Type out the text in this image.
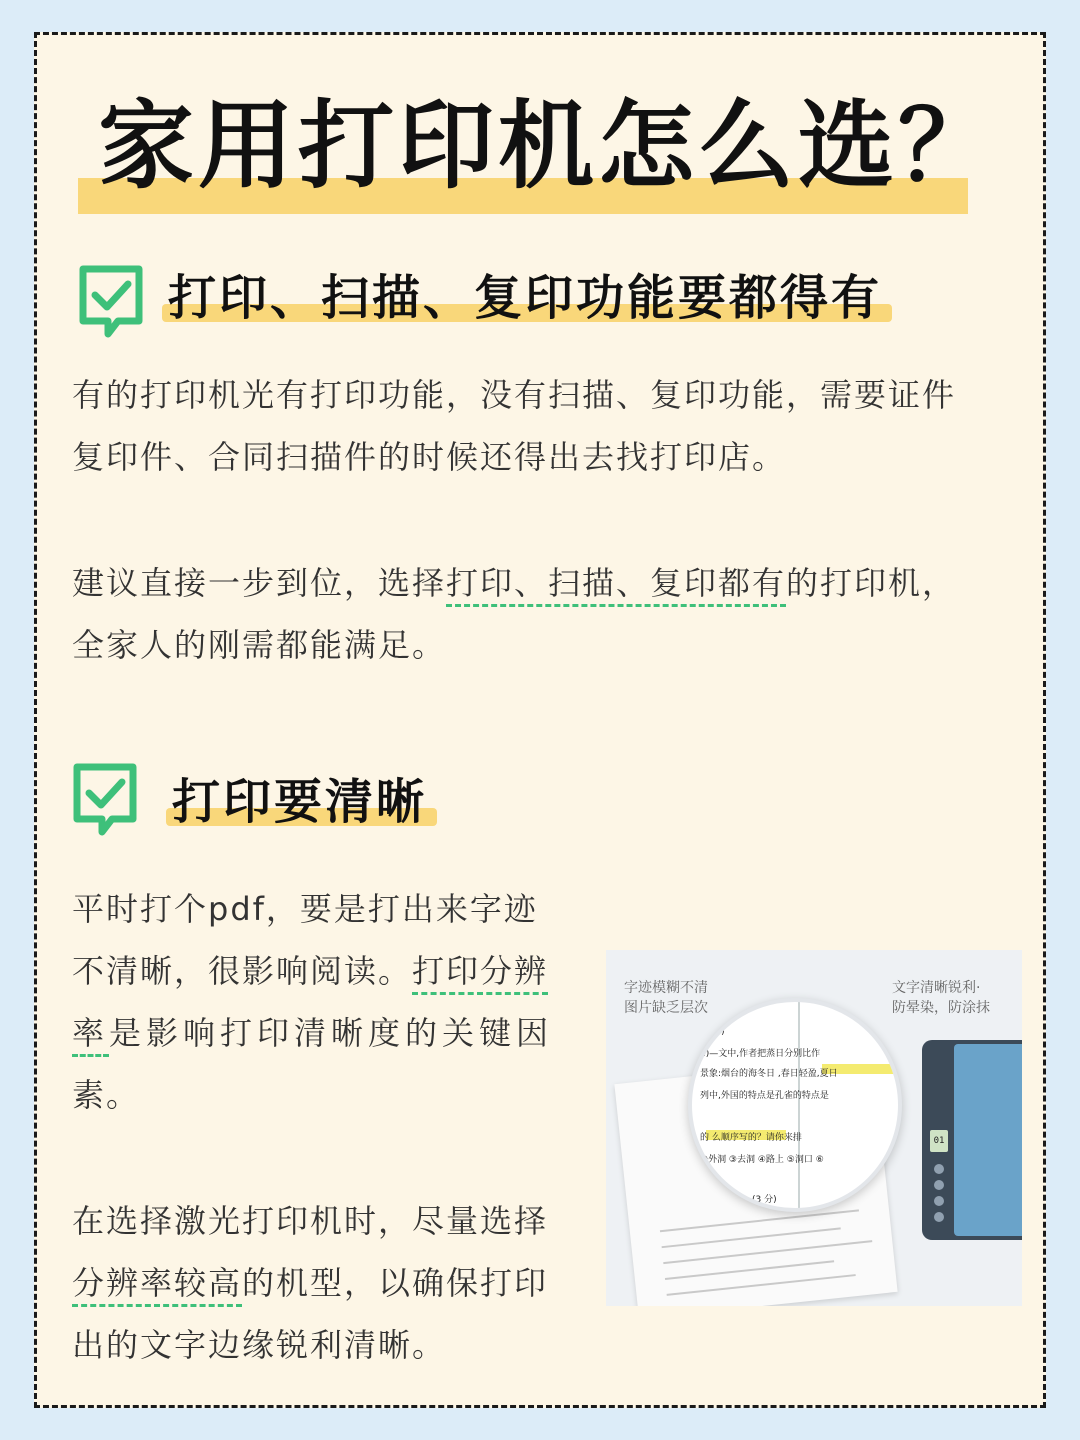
家用打印机怎么选？
打印、扫描、复印功能要都得有
有的打印机光有打印功能，没有扫描、复印功能，需要证件
复印件、合同扫描件的时候还得出去找打印店。
建议直接一步到位，选择打印、扫描、复印都有的打印机，
全家人的刚需都能满足。
打印要清晰
平时打个pdf，要是打出来字迹
不清晰，很影响阅读。打印分辨
率是影响打印清晰度的关键因
素。
在选择激光打印机时，尽量选择
分辨率较高的机型，以确保打印
出的文字边缘锐利清晰。
字迹模糊不清
图片缺乏层次
文字清晰锐利·
防晕染，防涂抹
(2 分)
1)—文中,作者把蒸日分别比作
景象:烟台的海冬日 ,春日轻盈,夏日
列中,外国的特点是孔雀的特点是
的 么顺序写的？请你来排
②外洞 ③去洞 ④路上 ⑤洞口 ⑥
(3 分)
01
